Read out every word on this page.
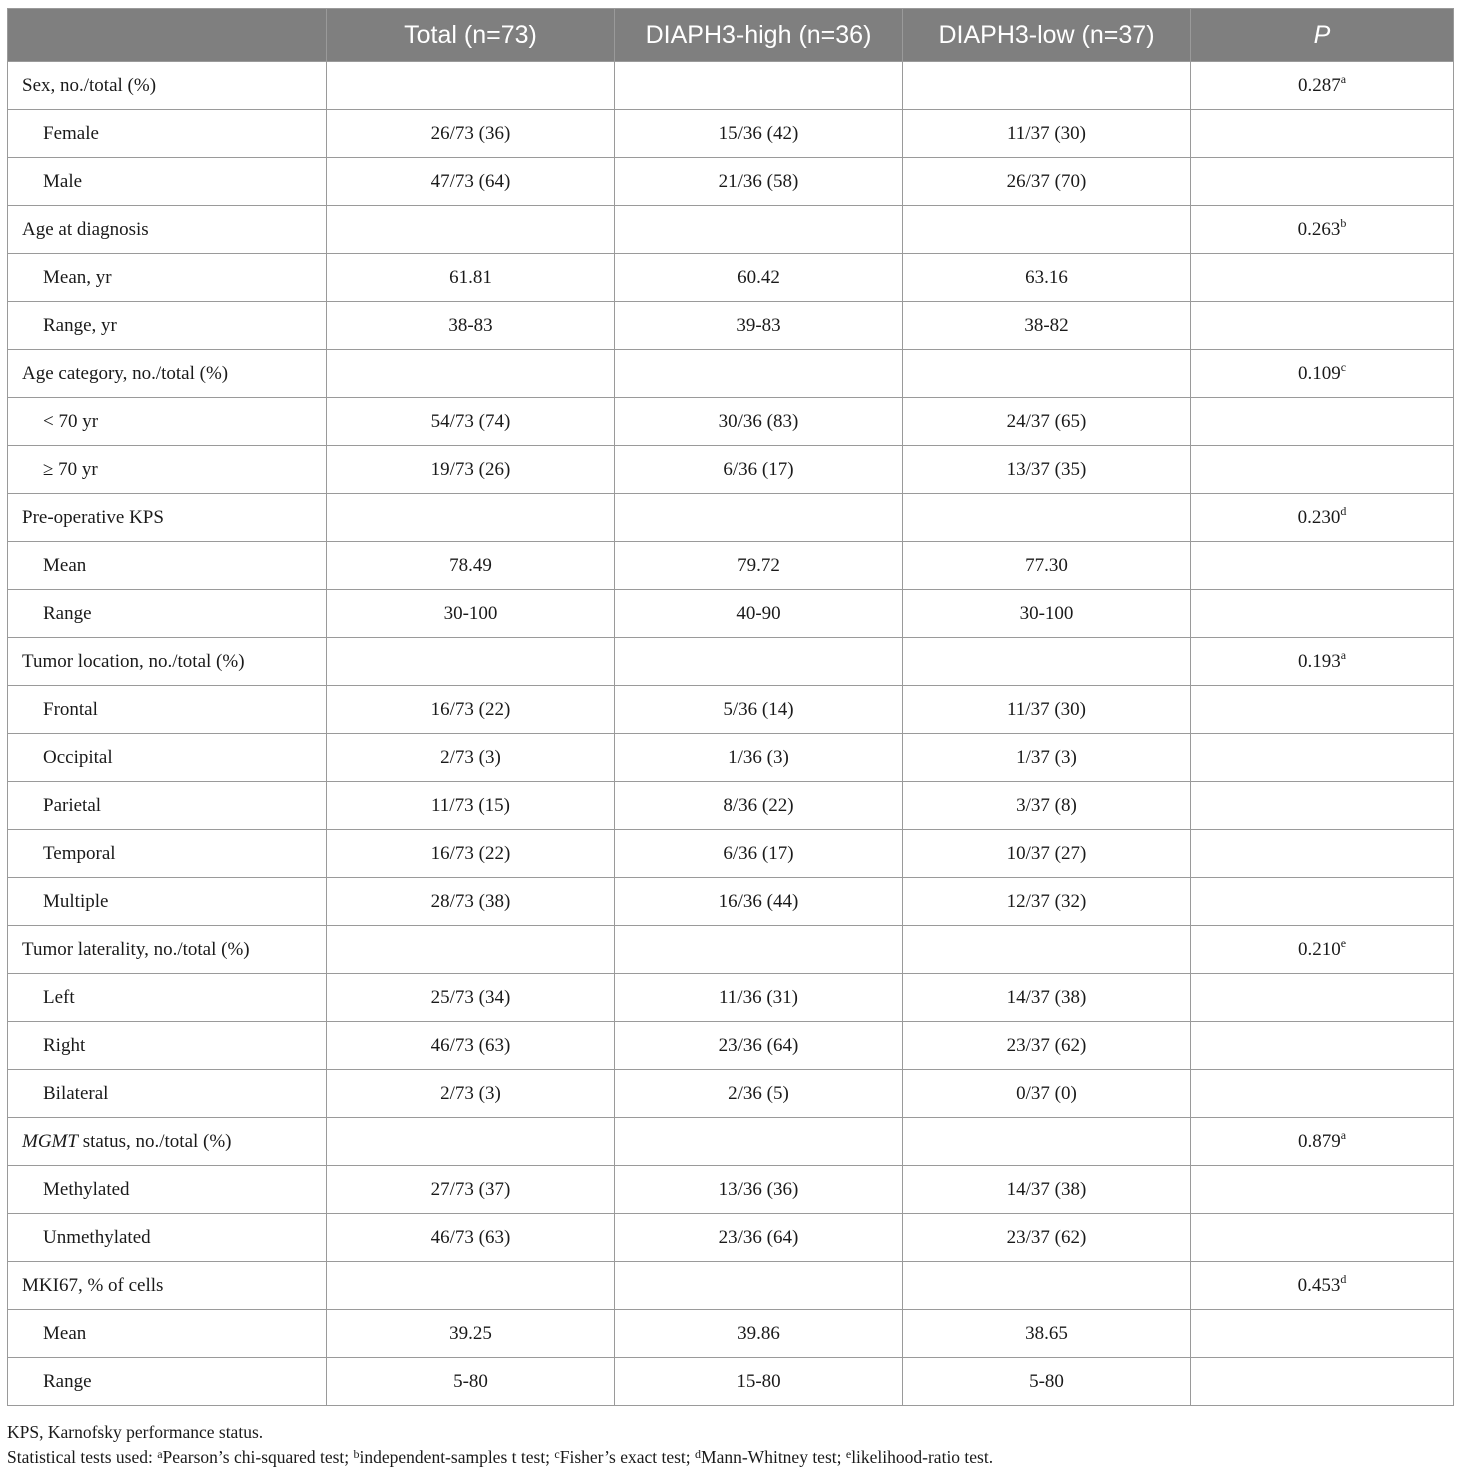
	Total (n=73)	DIAPH3-high (n=36)	DIAPH3-low (n=37)	P
Sex, no./total (%)				0.287$^a$
Female	26/73 (36)	15/36 (42)	11/37 (30)	
Male	47/73 (64)	21/36 (58)	26/37 (70)	
Age at diagnosis				0.263$^b$
Mean, yr	61.81	60.42	63.16	
Range, yr	38-83	39-83	38-82	
Age category, no./total (%)				0.109$^c$
< 70 yr	54/73 (74)	30/36 (83)	24/37 (65)	
≥ 70 yr	19/73 (26)	6/36 (17)	13/37 (35)	
Pre-operative KPS				0.230$^d$
Mean	78.49	79.72	77.30	
Range	30-100	40-90	30-100	
Tumor location, no./total (%)				0.193$^a$
Frontal	16/73 (22)	5/36 (14)	11/37 (30)	
Occipital	2/73 (3)	1/36 (3)	1/37 (3)	
Parietal	11/73 (15)	8/36 (22)	3/37 (8)	
Temporal	16/73 (22)	6/36 (17)	10/37 (27)	
Multiple	28/73 (38)	16/36 (44)	12/37 (32)	
Tumor laterality, no./total (%)				0.210e
Left	25/73 (34)	11/36 (31)	14/37 (38)	
Right	46/73 (63)	23/36 (64)	23/37 (62)	
Bilateral	2/73 (3)	2/36 (5)	0/37 (0)	
MGMT status, no./total (%)				0.879$^a$
Methylated	27/73 (37)	13/36 (36)	14/37 (38)	
Unmethylated	46/73 (63)	23/36 (64)	23/37 (62)	
MKI67, % of cells				0.453$^d$
Mean	39.25	39.86	38.65	
Range	5-80	15-80	5-80	

KPS, Karnofsky performance status.

Statistical tests used: $^a$Pearson’s chi-squared test; $^b$independent-samples t test; $^c$Fisher’s exact test; $^d$Mann-Whitney test; $^e$likelihood-ratio test.
